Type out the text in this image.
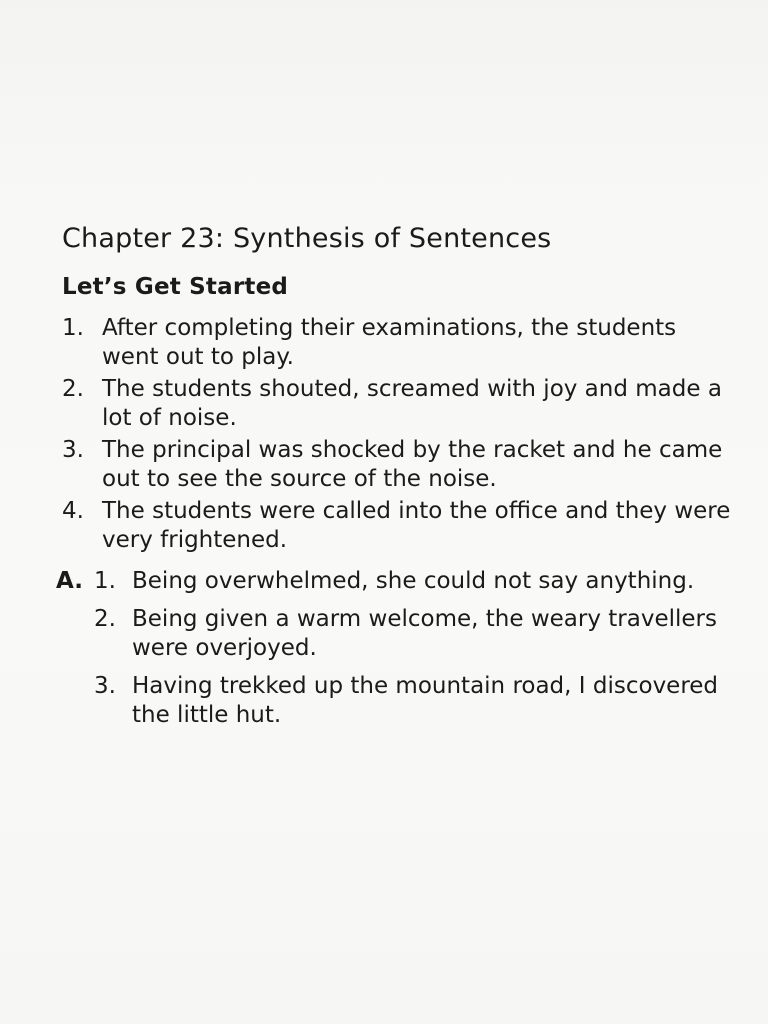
Chapter 23: Synthesis of Sentences
Let’s Get Started
1. After completing their examinations, the students went out to play.
2. The students shouted, screamed with joy and made a lot of noise.
3. The principal was shocked by the racket and he came out to see the source of the noise.
4. The students were called into the office and they were very frightened.
A. 1. Being overwhelmed, she could not say anything.
2. Being given a warm welcome, the weary travellers were overjoyed.
3. Having trekked up the mountain road, I discovered the little hut.
